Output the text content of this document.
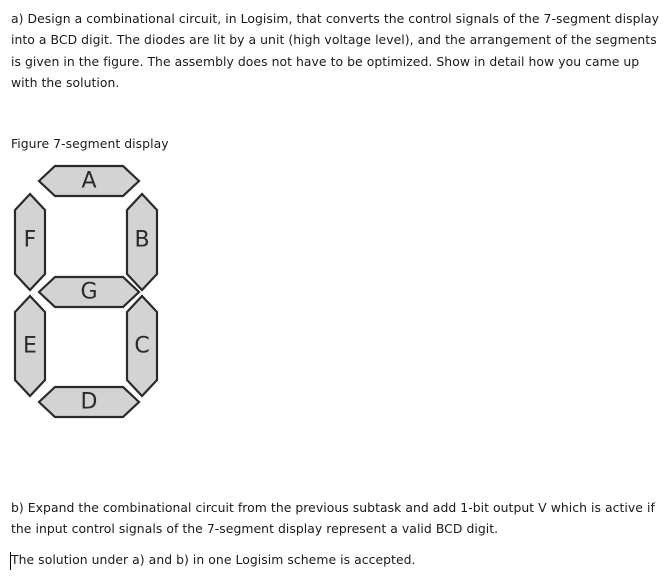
a) Design a combinational circuit, in Logisim, that converts the control signals of the 7-segment display into a BCD digit. The diodes are lit by a unit (high voltage level), and the arrangement of the segments is given in the figure. The assembly does not have to be optimized. Show in detail how you came up with the solution.

Figure 7-segment display

A
F	B
G
E	C
D

b) Expand the combinational circuit from the previous subtask and add 1-bit output V which is active if the input control signals of the 7-segment display represent a valid BCD digit.

The solution under a) and b) in one Logisim scheme is accepted.
